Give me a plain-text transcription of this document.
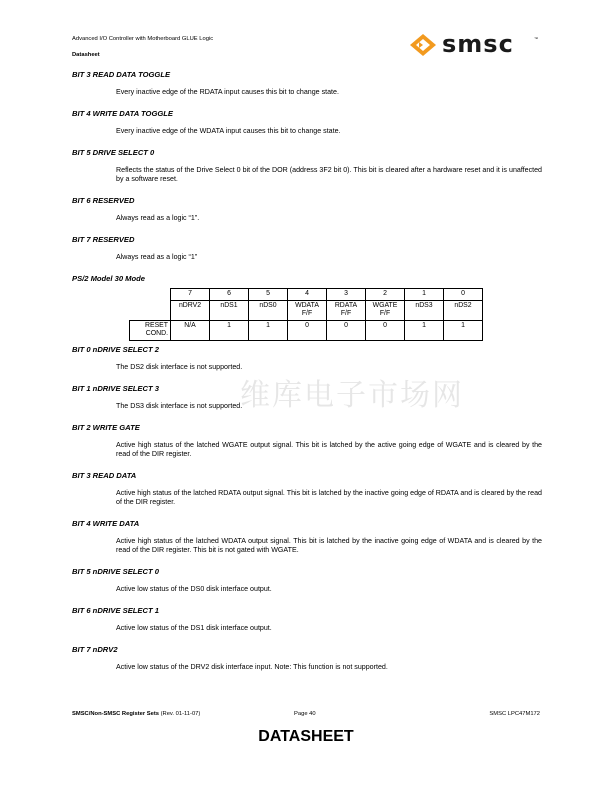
Advanced I/O Controller with Motherboard GLUE Logic
Datasheet	smsc	™
BIT 3 READ DATA TOGGLE
Every inactive edge of the RDATA input causes this bit to change state.
BIT 4 WRITE DATA TOGGLE
Every inactive edge of the WDATA input causes this bit to change state.
BIT 5 DRIVE SELECT 0
Reflects the status of the Drive Select 0 bit of the DOR (address 3F2 bit 0). This bit is cleared after a hardware reset and it is unaffected by a software reset.
BIT 6 RESERVED
Always read as a logic “1”.
BIT 7 RESERVED
Always read as a logic “1”
PS/2 Model 30 Mode
	7	6	5	4	3	2	1	0
	nDRV2	nDS1	nDS0	WDATA F/F	RDATA F/F	WGATE F/F	nDS3	nDS2
RESET COND.	N/A	1	1	0	0	0	1	1
BIT 0 nDRIVE SELECT 2
The DS2 disk interface is not supported.
BIT 1 nDRIVE SELECT 3
The DS3 disk interface is not supported.
BIT 2 WRITE GATE
Active high status of the latched WGATE output signal. This bit is latched by the active going edge of WGATE and is cleared by the read of the DIR register.
BIT 3 READ DATA
Active high status of the latched RDATA output signal. This bit is latched by the inactive going edge of RDATA and is cleared by the read of the DIR register.
BIT 4 WRITE DATA
Active high status of the latched WDATA output signal. This bit is latched by the inactive going edge of WDATA and is cleared by the read of the DIR register. This bit is not gated with WGATE.
BIT 5 nDRIVE SELECT 0
Active low status of the DS0 disk interface output.
BIT 6 nDRIVE SELECT 1
Active low status of the DS1 disk interface output.
BIT 7 nDRV2
Active low status of the DRV2 disk interface input. Note: This function is not supported.
维库电子市场网
SMSC/Non-SMSC Register Sets (Rev. 01-11-07)	Page 40	SMSC LPC47M172
DATASHEET
